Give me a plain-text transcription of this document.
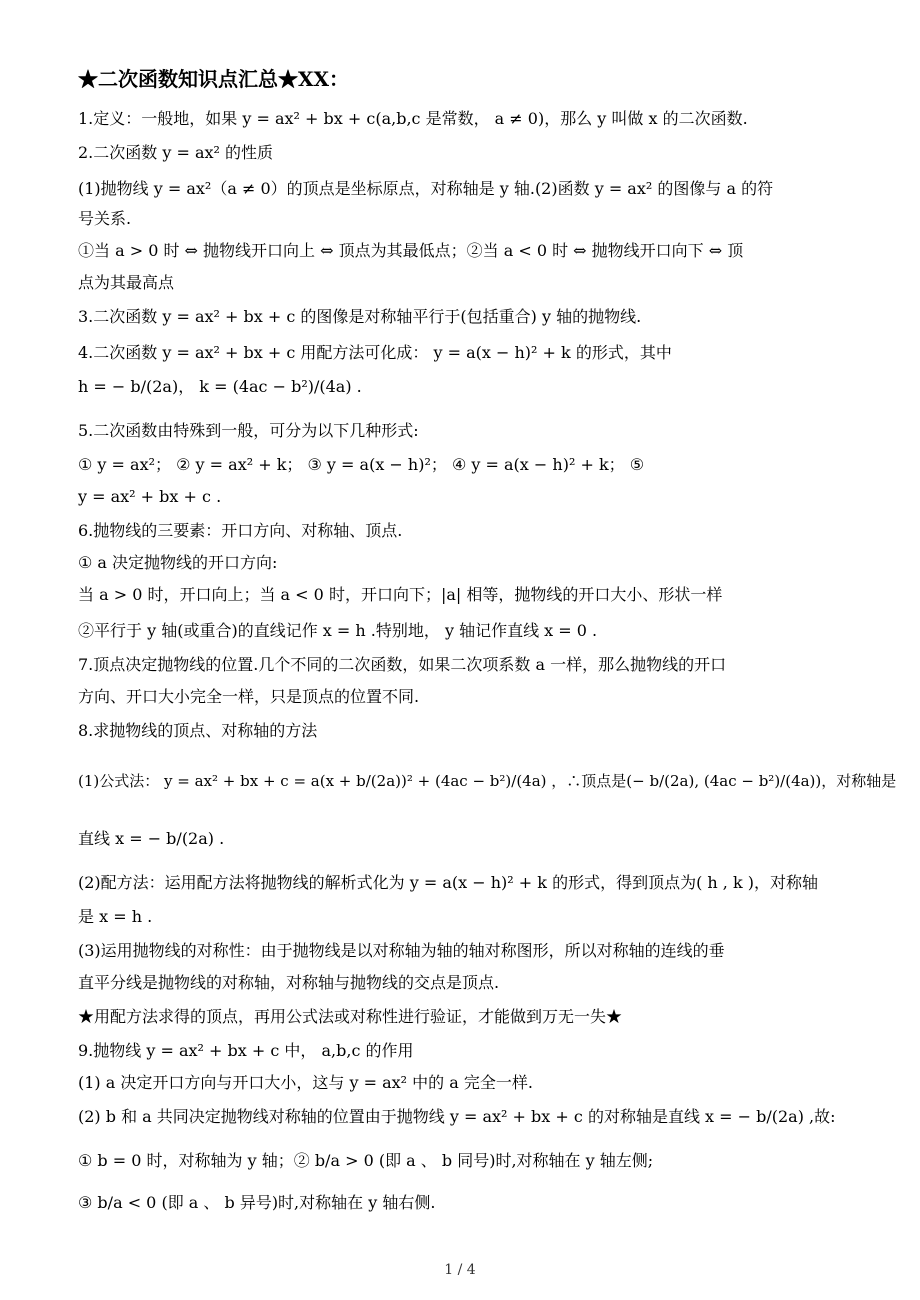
★二次函数知识点汇总★XX：
1.定义：一般地，如果 y = ax² + bx + c(a,b,c 是常数， a ≠ 0)，那么 y 叫做 x 的二次函数.
2.二次函数 y = ax² 的性质
(1)抛物线 y = ax²（a ≠ 0）的顶点是坐标原点，对称轴是 y 轴.(2)函数 y = ax² 的图像与 a 的符
号关系.
①当 a > 0 时 ⇔ 抛物线开口向上 ⇔ 顶点为其最低点；②当 a < 0 时 ⇔ 抛物线开口向下 ⇔ 顶
点为其最高点
3.二次函数 y = ax² + bx + c 的图像是对称轴平行于(包括重合) y 轴的抛物线.
4.二次函数 y = ax² + bx + c 用配方法可化成： y = a(x − h)² + k 的形式，其中
h = − b/(2a)， k = (4ac − b²)/(4a) .
5.二次函数由特殊到一般，可分为以下几种形式:
① y = ax²； ② y = ax² + k； ③ y = a(x − h)²； ④ y = a(x − h)² + k； ⑤
y = ax² + bx + c .
6.抛物线的三要素：开口方向、对称轴、顶点.
① a 决定抛物线的开口方向:
当 a > 0 时，开口向上；当 a < 0 时，开口向下；|a| 相等，抛物线的开口大小、形状一样
②平行于 y 轴(或重合)的直线记作 x = h .特别地， y 轴记作直线 x = 0 .
7.顶点决定抛物线的位置.几个不同的二次函数，如果二次项系数 a 一样，那么抛物线的开口
方向、开口大小完全一样，只是顶点的位置不同.
8.求抛物线的顶点、对称轴的方法
(1)公式法： y = ax² + bx + c = a(x + b/(2a))² + (4ac − b²)/(4a) ，∴顶点是(− b/(2a), (4ac − b²)/(4a))，对称轴是
直线 x = − b/(2a) .
(2)配方法：运用配方法将抛物线的解析式化为 y = a(x − h)² + k 的形式，得到顶点为( h , k )，对称轴
是 x = h .
(3)运用抛物线的对称性：由于抛物线是以对称轴为轴的轴对称图形，所以对称轴的连线的垂
直平分线是抛物线的对称轴，对称轴与抛物线的交点是顶点.
★用配方法求得的顶点，再用公式法或对称性进行验证，才能做到万无一失★
9.抛物线 y = ax² + bx + c 中， a,b,c 的作用
(1) a 决定开口方向与开口大小，这与 y = ax² 中的 a 完全一样.
(2) b 和 a 共同决定抛物线对称轴的位置由于抛物线 y = ax² + bx + c 的对称轴是直线 x = − b/(2a) ,故:
① b = 0 时，对称轴为 y 轴；② b/a > 0 (即 a 、 b 同号)时,对称轴在 y 轴左侧;
③ b/a < 0 (即 a 、 b 异号)时,对称轴在 y 轴右侧.
1 / 4
